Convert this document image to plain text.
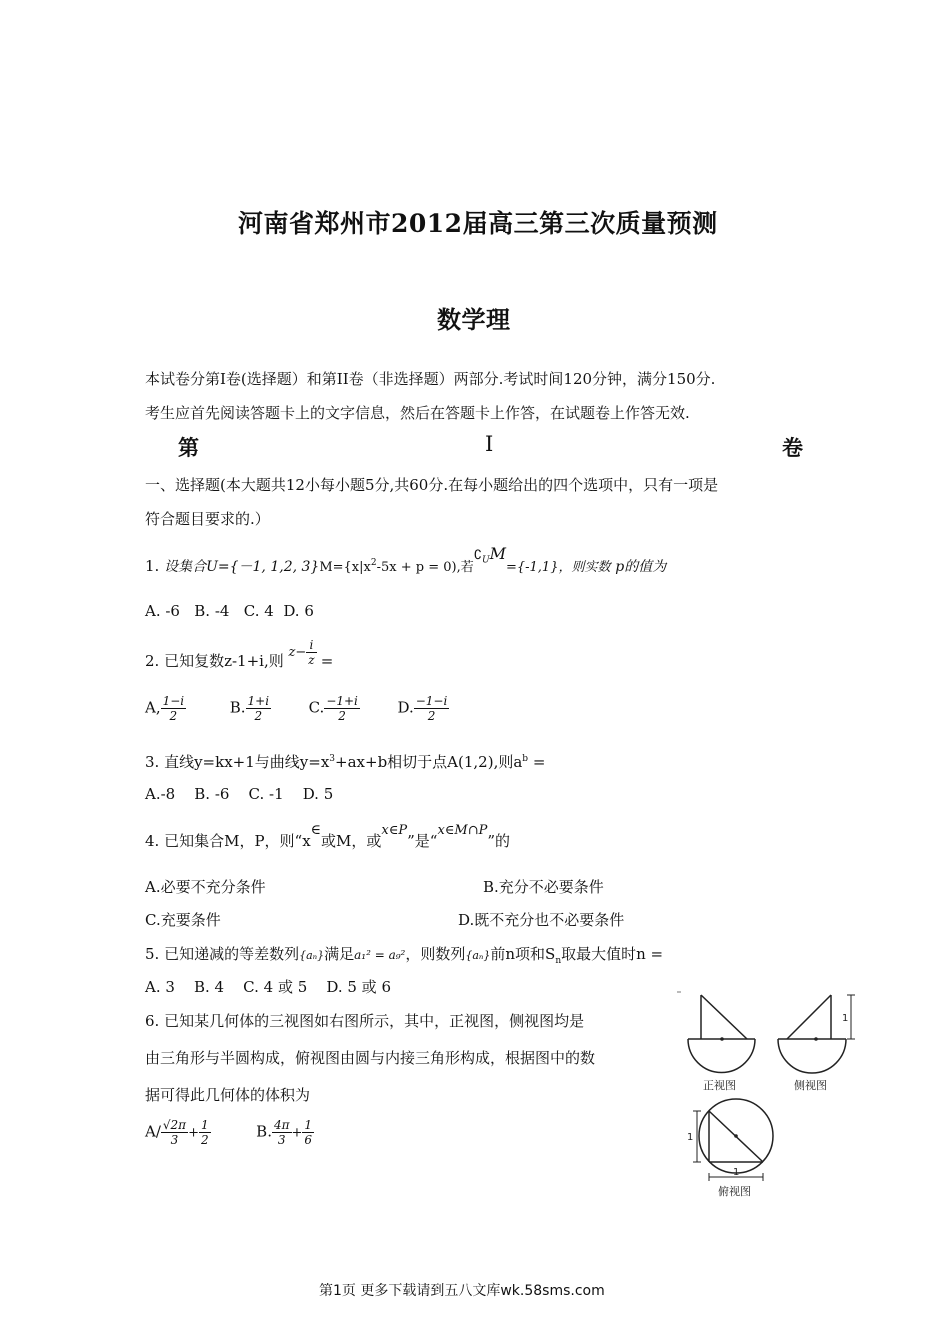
河南省郑州市2012届高三第三次质量预测
数学理
本试卷分第Ⅰ卷(选择题）和第II卷（非选择题）两部分.考试时间120分钟，满分150分.
考生应首先阅读答题卡上的文字信息，然后在答题卡上作答，在试题卷上作答无效.
第	I	卷
一、选择题(本大题共12小每小题5分,共60分.在每小题给出的四个选项中，只有一项是
符合题目要求的.）
1. 设集合U={－1, 1,2, $3\}M=\{x|x^2-5x + p = 0)$,若$∁_UM=\{-1,1\}$，则实数 p的值为
A. -6   B. -4   C. 4  D. 6
2. 已知复数z-1+i,则 $z- \frac{i}{z}$ =
A, $\frac{1-i}{2}$	B. $\frac{1+i}{2}$	C. $\frac{-1+i}{2}$	D. $\frac{-1-i}{2}$
3. 直线y=kx+1与曲线$y=x^3+ax+b$相切于点A(1,2),则$a^b$ =
A.-8    B. -6    C. -1    D. 5
4. 已知集合M，P，则“x∈或M，或x∈P”是“x∈M∩P”的
A.必要不充分条件	B.充分不必要条件
C.充要条件	D.既不充分也不必要条件
5. 已知递减的等差数列{aₙ}满足a₁² = a₉²，则数列{aₙ}前n项和$S_n$取最大值时n =
A. 3    B. 4    C. 4 或 5    D. 5 或 6
6. 已知某几何体的三视图如右图所示，其中，正视图，侧视图均是
由三角形与半圆构成，俯视图由圆与内接三角形构成，根据图中的数
据可得此几何体的体积为
$A/ \frac{√2\pi}{3} + \frac{1}{2}$	B. $\frac{4\pi}{3} + \frac{1}{6}$
正视图
1
侧视图
1
1
俯视图
第1页 更多下载请到五八文库wk.58sms.com
